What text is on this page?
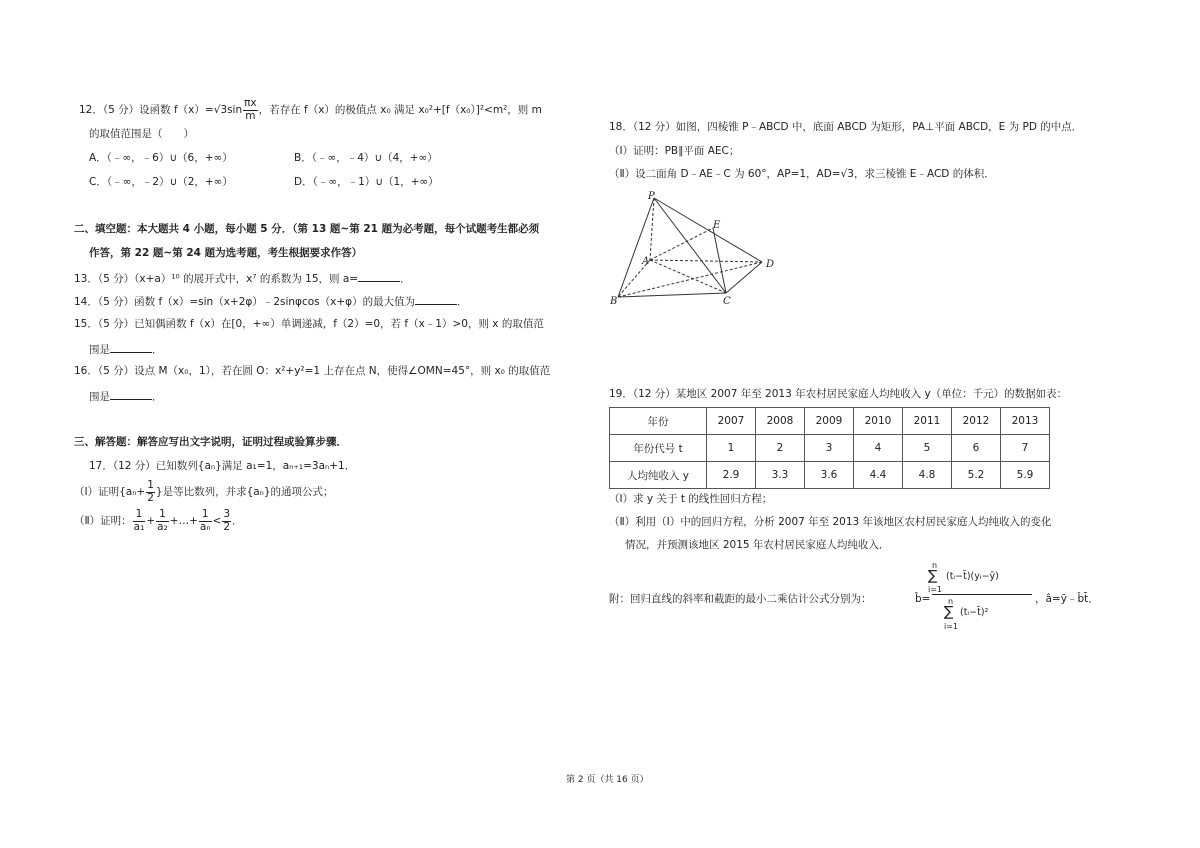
12．（5 分）设函数 $f(x)=√3\sin \frac{\pi x}{m}$ ，若存在 f（x）的极值点 x₀ 满足 x₀²+[f（x₀）]²<m²，则 m
的取值范围是（　　）
A．（﹣∞，﹣6）∪（6，+∞）	B．（﹣∞，﹣4）∪（4，+∞）
C．（﹣∞，﹣2）∪（2，+∞）	D．（﹣∞，﹣1）∪（1，+∞）
二、填空题：本大题共 4 小题，每小题 5 分．（第 13 题~第 21 题为必考题，每个试题考生都必须
作答，第 22 题~第 24 题为选考题，考生根据要求作答）
13．（5 分）（x+a）¹⁰ 的展开式中，x⁷ 的系数为 15，则 a=	．
14．（5 分）函数 f（x）=sin（x+2φ）﹣2sinφcos（x+φ）的最大值为	．
15．（5 分）已知偶函数 f（x）在[0，+∞）单调递减，f（2）=0，若 f（x﹣1）>0，则 x 的取值范
围是	．
16．（5 分）设点 M（x₀，1），若在圆 O：x²+y²=1 上存在点 N，使得∠OMN=45°，则 x₀ 的取值范
围是	．
三、解答题：解答应写出文字说明，证明过程或验算步骤．
17．（12 分）已知数列{aₙ}满足 a₁=1，aₙ₊₁=3aₙ+1．
（Ⅰ）证明{$a_n+ \frac{1}{2}$ }是等比数列，并求{aₙ}的通项公式；
（Ⅱ）证明： $\frac{1}{\text{a₁}} + \frac{1}{\text{a₂}}$ +…+ $\frac{1}{\text{aₙ}} < \frac{3}{2}$ ．
18．（12 分）如图，四棱锥 P﹣ABCD 中，底面 ABCD 为矩形，PA⊥平面 ABCD，E 为 PD 的中点．
（Ⅰ）证明：PB∥平面 AEC；
（Ⅱ）设二面角 D﹣AE﹣C 为 60°，AP=1，AD=√3，求三棱锥 E﹣ACD 的体积．
P
E
A	D
B	C
19．（12 分）某地区 2007 年至 2013 年农村居民家庭人均纯收入 y（单位：千元）的数据如表：
年份	2007	2008	2009	2010	2011	2012	2013
年份代号 t	1	2	3	4	5	6	7
人均纯收入 y	2.9	3.3	3.6	4.4	4.8	5.2	5.9
（Ⅰ）求 y 关于 t 的线性回归方程；
（Ⅱ）利用（Ⅰ）中的回归方程，分析 2007 年至 2013 年该地区农村居民家庭人均纯收入的变化
情况，并预测该地区 2015 年农村居民家庭人均纯收入．
附：回归直线的斜率和截距的最小二乘估计公式分别为：	b̂=
n
∑
i=1
(tᵢ−t̄)(yᵢ−ȳ)
n
∑
i=1
(tᵢ−t̄)²
，â=ȳ﹣b̂t̄．
第 2 页（共 16 页）
